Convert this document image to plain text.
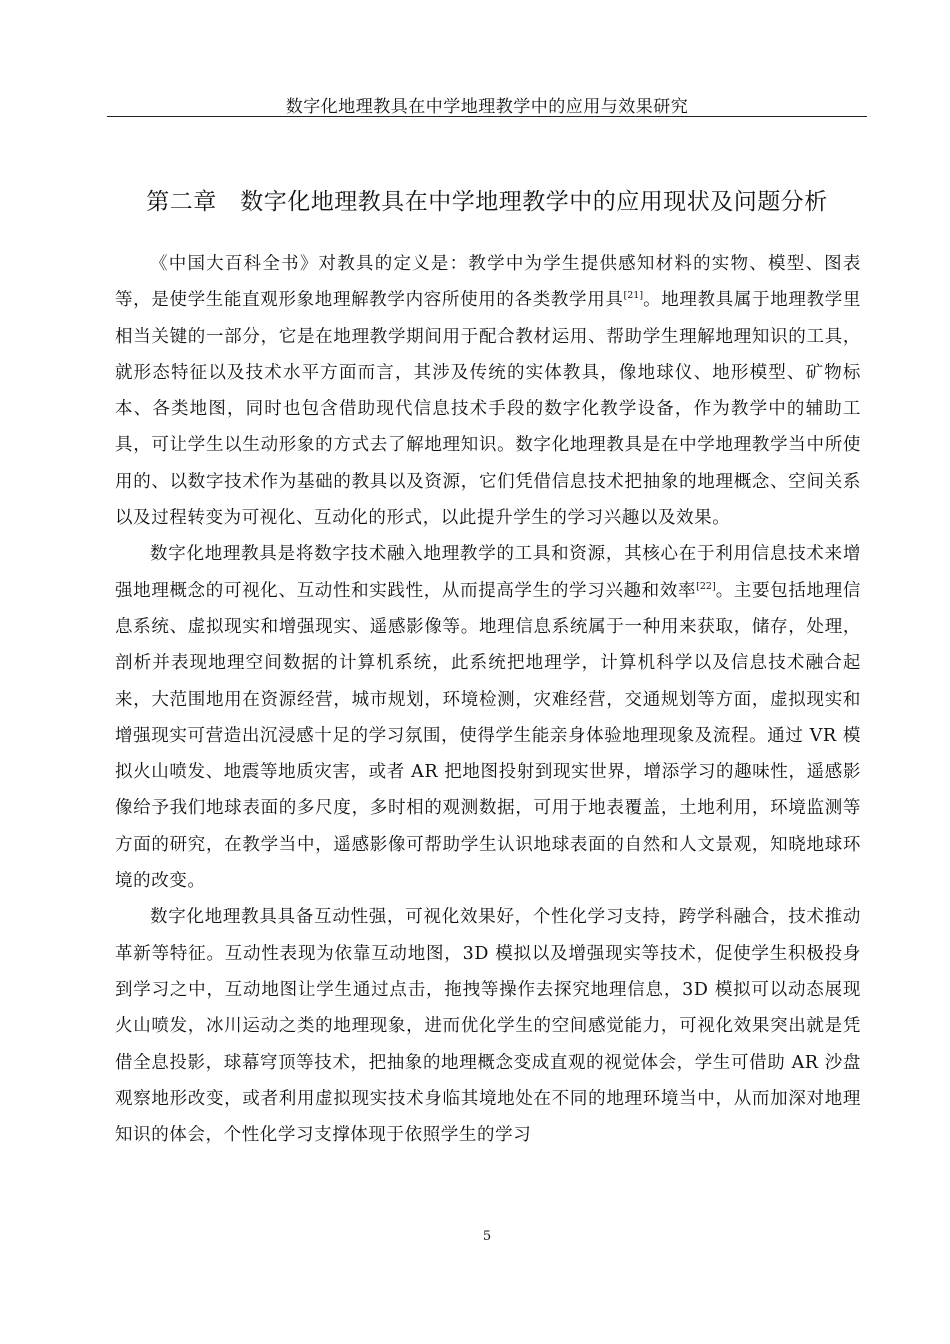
数字化地理教具在中学地理教学中的应用与效果研究
第二章　数字化地理教具在中学地理教学中的应用现状及问题分析

《中国大百科全书》对教具的定义是：教学中为学生提供感知材料的实物、模型、图表等，是使学生能直观形象地理解教学内容所使用的各类教学用具[21]。地理教具属于地理教学里相当关键的一部分，它是在地理教学期间用于配合教材运用、帮助学生理解地理知识的工具，就形态特征以及技术水平方面而言，其涉及传统的实体教具，像地球仪、地形模型、矿物标本、各类地图，同时也包含借助现代信息技术手段的数字化教学设备，作为教学中的辅助工具，可让学生以生动形象的方式去了解地理知识。数字化地理教具是在中学地理教学当中所使用的、以数字技术作为基础的教具以及资源，它们凭借信息技术把抽象的地理概念、空间关系以及过程转变为可视化、互动化的形式，以此提升学生的学习兴趣以及效果。

数字化地理教具是将数字技术融入地理教学的工具和资源，其核心在于利用信息技术来增强地理概念的可视化、互动性和实践性，从而提高学生的学习兴趣和效率[22]。主要包括地理信息系统、虚拟现实和增强现实、遥感影像等。地理信息系统属于一种用来获取，储存，处理，剖析并表现地理空间数据的计算机系统，此系统把地理学，计算机科学以及信息技术融合起来，大范围地用在资源经营，城市规划，环境检测，灾难经营，交通规划等方面，虚拟现实和增强现实可营造出沉浸感十足的学习氛围，使得学生能亲身体验地理现象及流程。通过 VR 模拟火山喷发、地震等地质灾害，或者 AR 把地图投射到现实世界，增添学习的趣味性，遥感影像给予我们地球表面的多尺度，多时相的观测数据，可用于地表覆盖，土地利用，环境监测等方面的研究，在教学当中，遥感影像可帮助学生认识地球表面的自然和人文景观，知晓地球环境的改变。

数字化地理教具具备互动性强，可视化效果好，个性化学习支持，跨学科融合，技术推动革新等特征。互动性表现为依靠互动地图，3D 模拟以及增强现实等技术，促使学生积极投身到学习之中，互动地图让学生通过点击，拖拽等操作去探究地理信息，3D 模拟可以动态展现火山喷发，冰川运动之类的地理现象，进而优化学生的空间感觉能力，可视化效果突出就是凭借全息投影，球幕穹顶等技术，把抽象的地理概念变成直观的视觉体会，学生可借助 AR 沙盘观察地形改变，或者利用虚拟现实技术身临其境地处在不同的地理环境当中，从而加深对地理知识的体会，个性化学习支撑体现于依照学生的学习

5
